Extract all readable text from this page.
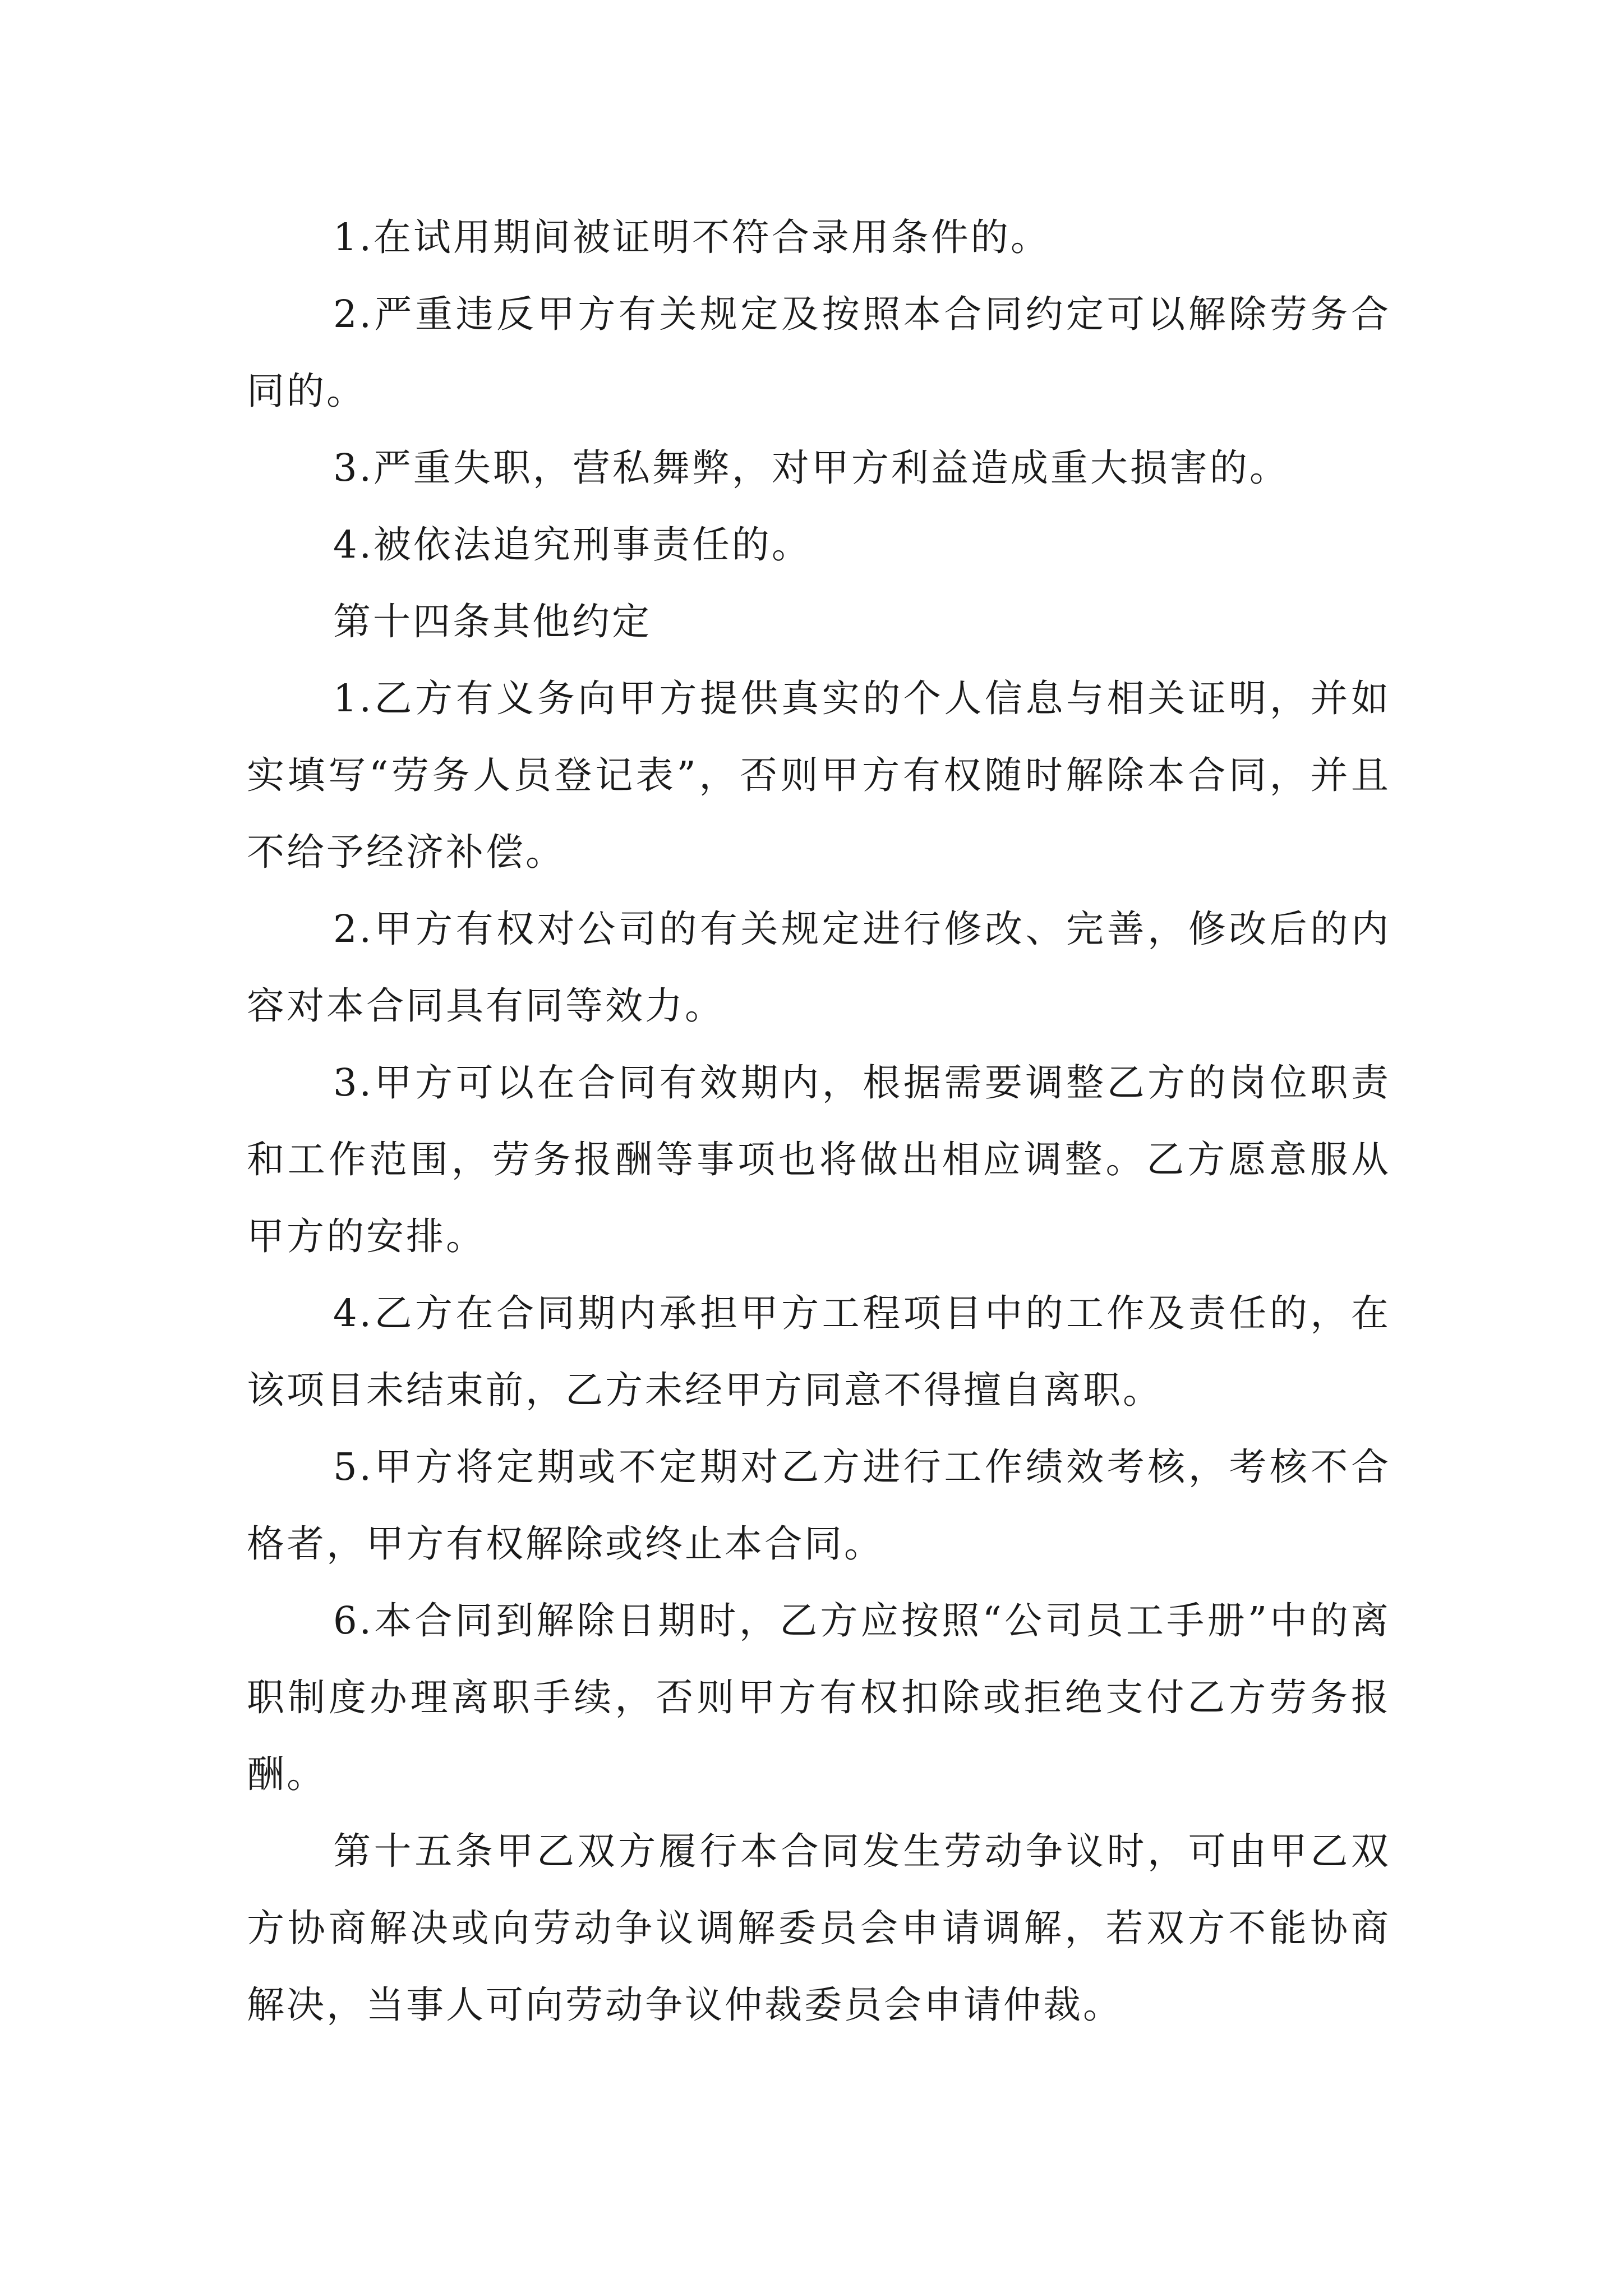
1.在试用期间被证明不符合录用条件的。

2.严重违反甲方有关规定及按照本合同约定可以解除劳务合同的。

3.严重失职，营私舞弊，对甲方利益造成重大损害的。

4.被依法追究刑事责任的。

第十四条其他约定

1.乙方有义务向甲方提供真实的个人信息与相关证明，并如实填写“劳务人员登记表”，否则甲方有权随时解除本合同，并且不给予经济补偿。

2.甲方有权对公司的有关规定进行修改、完善，修改后的内容对本合同具有同等效力。

3.甲方可以在合同有效期内，根据需要调整乙方的岗位职责和工作范围，劳务报酬等事项也将做出相应调整。乙方愿意服从甲方的安排。

4.乙方在合同期内承担甲方工程项目中的工作及责任的，在该项目未结束前，乙方未经甲方同意不得擅自离职。

5.甲方将定期或不定期对乙方进行工作绩效考核，考核不合格者，甲方有权解除或终止本合同。

6.本合同到解除日期时，乙方应按照“公司员工手册”中的离职制度办理离职手续，否则甲方有权扣除或拒绝支付乙方劳务报酬。

第十五条甲乙双方履行本合同发生劳动争议时，可由甲乙双方协商解决或向劳动争议调解委员会申请调解，若双方不能协商解决，当事人可向劳动争议仲裁委员会申请仲裁。
